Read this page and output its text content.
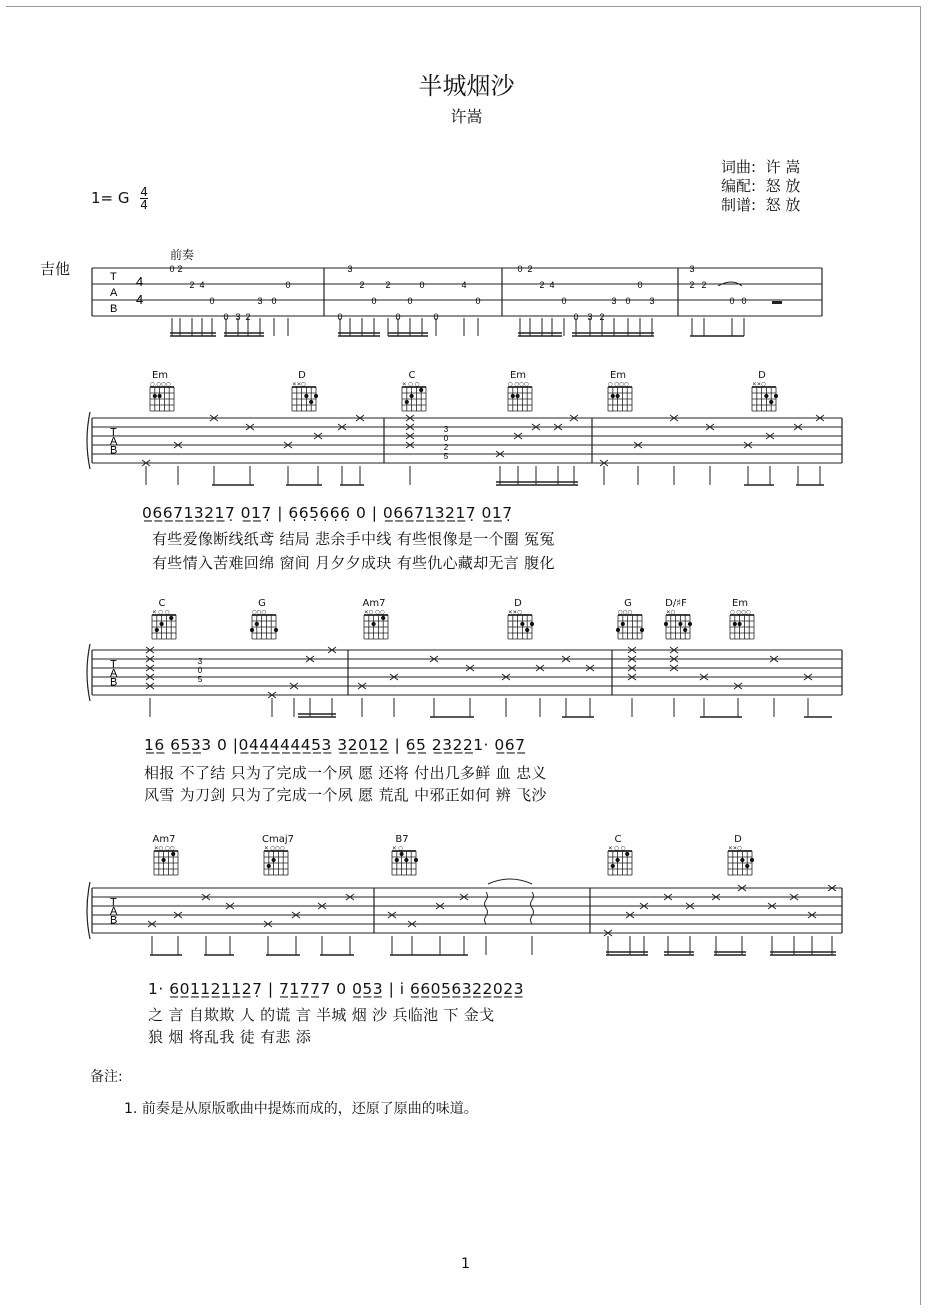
半城烟沙
许嵩
词曲: 许 嵩
编配: 怒 放
制谱: 怒 放
1= G $\frac{4}{4}$
吉他
前奏
T
A
B
4
4
0 2
2 4
0
0 3 2
3 0
0
0
3
2
0
2
0
0
0
0
4
0
0 2
2 4
0
0 3 2
3 0
0
3
2 2
3
0 0
Em
○ ○○○
D
××○
C
× ○ ○
Em
○ ○○○
Em
○ ○○○
D
××○
C
× ○ ○
G
○○○
Am7
×○ ○○
D
××○
G
○○○
D/♯F
×○
Em
○ ○○○
Am7
×○ ○○
Cmaj7
× ○○○
B7
× ○
C
× ○ ○
D
××○
T
A
B
3
0
2
5
T
A
B
3
0
5
T
A
B
0̲6̲6̲7̲1̲3̲2̲1̲7̣ 0̲1̲7̣ | 6̣6̣5̣6̣6̣6̣ 0 | 0̲6̲6̲7̲1̲3̲2̲1̲7̣ 0̲1̲7̣
有些爱像断线纸鸢 结局 悲余手中线 有些恨像是一个圈 冤冤
有些情入苦难回绵 窗间 月夕夕成玦 有些仇心藏却无言 腹化
1̲6̲ 6̲5̲3̲3 0 |0̲4̲4̲4̲4̲4̲4̲5̲3̲ 3̲2̲0̲1̲2̲ | 6̲5̲ 2̲3̲2̲2̲1· 0̲6̲7̲
相报 不了结 只为了完成一个夙 愿 还将 付出几多鲜 血 忠义
风雪 为刀剑 只为了完成一个夙 愿 荒乱 中邪正如何 辨 飞沙
1· 6̲0̲1̲1̲2̲1̲1̲2̲7̣ | 7̲1̲7̲7̲7 0 0̲5̲3̲ | i̇ 6̲6̲0̲5̲6̲3̲2̲2̲0̲2̲3̲
之 言 自欺欺 人 的谎 言 半城 烟 沙 兵临池 下 金戈
狼 烟 将乱我 徒 有悲 添
备注:
1. 前奏是从原版歌曲中提炼而成的，还原了原曲的味道。
1
